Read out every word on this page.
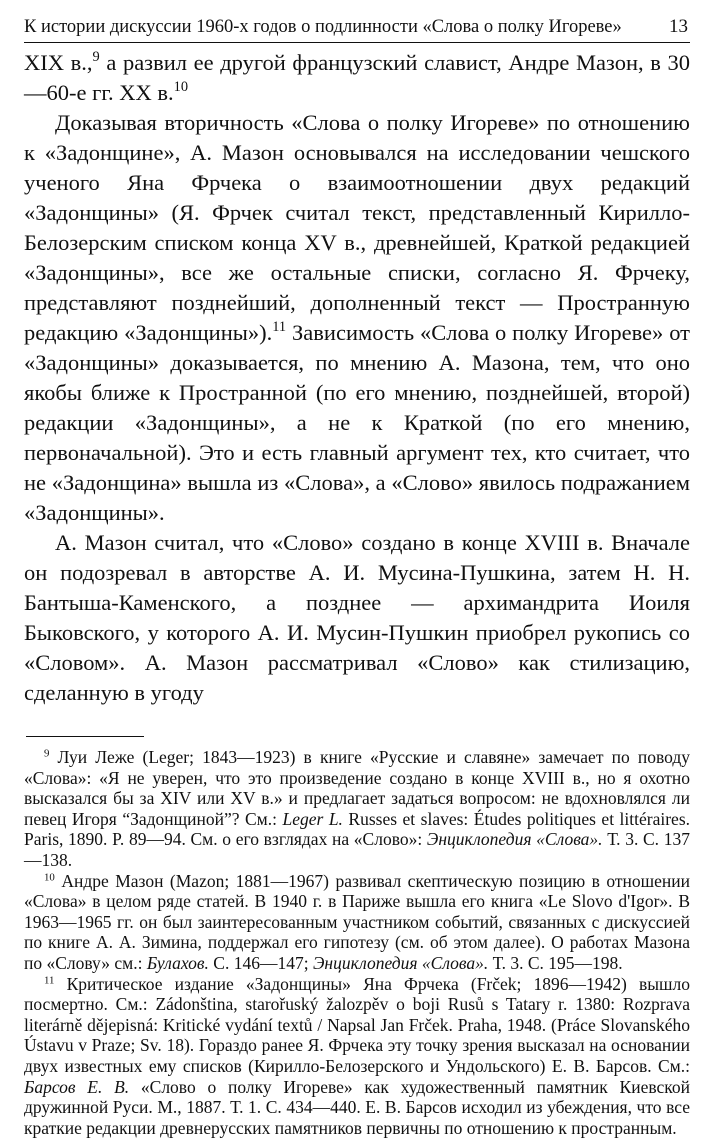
К истории дискуссии 1960-х годов о подлинности «Слова о полку Игореве» 13

XIX в.,$^9$ а развил ее другой французский славист, Андре Мазон, в 30—60-е гг. XX в.$^{10}$

Доказывая вторичность «Слова о полку Игореве» по отношению к «Задонщине», А. Мазон основывался на исследовании чешского ученого Яна Фрчека о взаимоотношении двух редакций «Задонщины» (Я. Фрчек считал текст, представленный Кирилло-Белозерским списком конца XV в., древнейшей, Краткой редакцией «Задонщины», все же остальные списки, согласно Я. Фрчеку, представляют позднейший, дополненный текст — Пространную редакцию «Задонщины»).$^{11}$ Зависимость «Слова о полку Игореве» от «Задонщины» доказывается, по мнению А. Мазона, тем, что оно якобы ближе к Пространной (по его мнению, позднейшей, второй) редакции «Задонщины», а не к Краткой (по его мнению, первоначальной). Это и есть главный аргумент тех, кто считает, что не «Задонщина» вышла из «Слова», а «Слово» явилось подражанием «Задонщины».

А. Мазон считал, что «Слово» создано в конце XVIII в. Вначале он подозревал в авторстве А. И. Мусина-Пушкина, затем Н. Н. Бантыша-Каменского, а позднее — архимандрита Иоиля Быковского, у которого А. И. Мусин-Пушкин приобрел рукопись со «Словом». А. Мазон рассматривал «Слово» как стилизацию, сделанную в угоду

$^9$ Луи Леже (Leger; 1843—1923) в книге «Русские и славяне» замечает по поводу «Слова»: «Я не уверен, что это произведение создано в конце XVIII в., но я охотно высказался бы за XIV или XV в.» и предлагает задаться вопросом: не вдохновлялся ли певец Игоря “Задонщиной”? См.: Leger L. Russes et slaves: Études politiques et littéraires. Paris, 1890. P. 89—94. См. о его взглядах на «Слово»: Энциклопедия «Слова». Т. 3. С. 137—138.

$^{10}$ Андре Мазон (Mazon; 1881—1967) развивал скептическую позицию в отношении «Слова» в целом ряде статей. В 1940 г. в Париже вышла его книга «Le Slovo d'Igor». В 1963—1965 гг. он был заинтересованным участником событий, связанных с дискуссией по книге А. А. Зимина, поддержал его гипотезу (см. об этом далее). О работах Мазона по «Слову» см.: Булахов. С. 146—147; Энциклопедия «Слова». Т. 3. С. 195—198.

$^{11}$ Критическое издание «Задонщины» Яна Фрчека (Frček; 1896—1942) вышло посмертно. См.: Zádonština, starořuský žalozpěv o boji Rusů s Tatary r. 1380: Rozprava literárně dějepisná: Kritické vydání textů / Napsal Jan Frček. Praha, 1948. (Práce Slovanského Ústavu v Praze; Sv. 18). Гораздо ранее Я. Фрчека эту точку зрения высказал на основании двух известных ему списков (Кирилло-Белозерского и Ундольского) Е. В. Барсов. См.: Барсов Е. В. «Слово о полку Игореве» как художественный памятник Киевской дружинной Руси. М., 1887. Т. 1. С. 434—440. Е. В. Барсов исходил из убеждения, что все краткие редакции древнерусских памятников первичны по отношению к пространным.
